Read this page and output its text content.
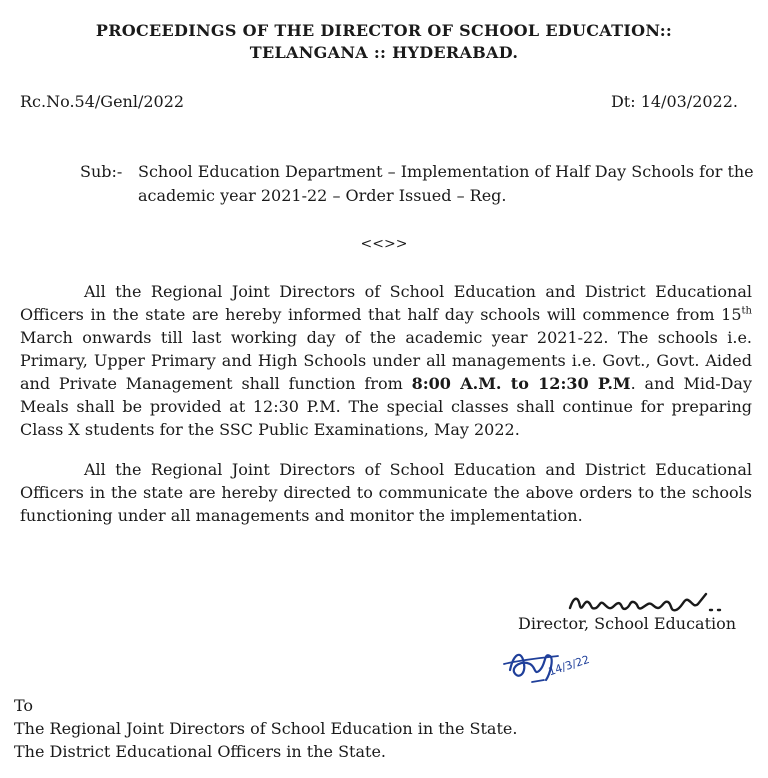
PROCEEDINGS OF THE DIRECTOR OF SCHOOL EDUCATION::
TELANGANA :: HYDERABAD.
Rc.No.54/Genl/2022	Dt: 14/03/2022.
Sub:- School Education Department – Implementation of Half Day Schools for the academic year 2021-22 – Order Issued – Reg.
<<>>
All the Regional Joint Directors of School Education and District Educational Officers in the state are hereby informed that half day schools will commence from 15th March onwards till last working day of the academic year 2021-22. The schools i.e. Primary, Upper Primary and High Schools under all managements i.e. Govt., Govt. Aided and Private Management shall function from 8:00 A.M. to 12:30 P.M. and Mid-Day Meals shall be provided at 12:30 P.M. The special classes shall continue for preparing Class X students for the SSC Public Examinations, May 2022.
All the Regional Joint Directors of School Education and District Educational Officers in the state are hereby directed to communicate the above orders to the schools functioning under all managements and monitor the implementation.
Director, School Education
14/3/22
To
The Regional Joint Directors of School Education in the State.
The District Educational Officers in the State.
